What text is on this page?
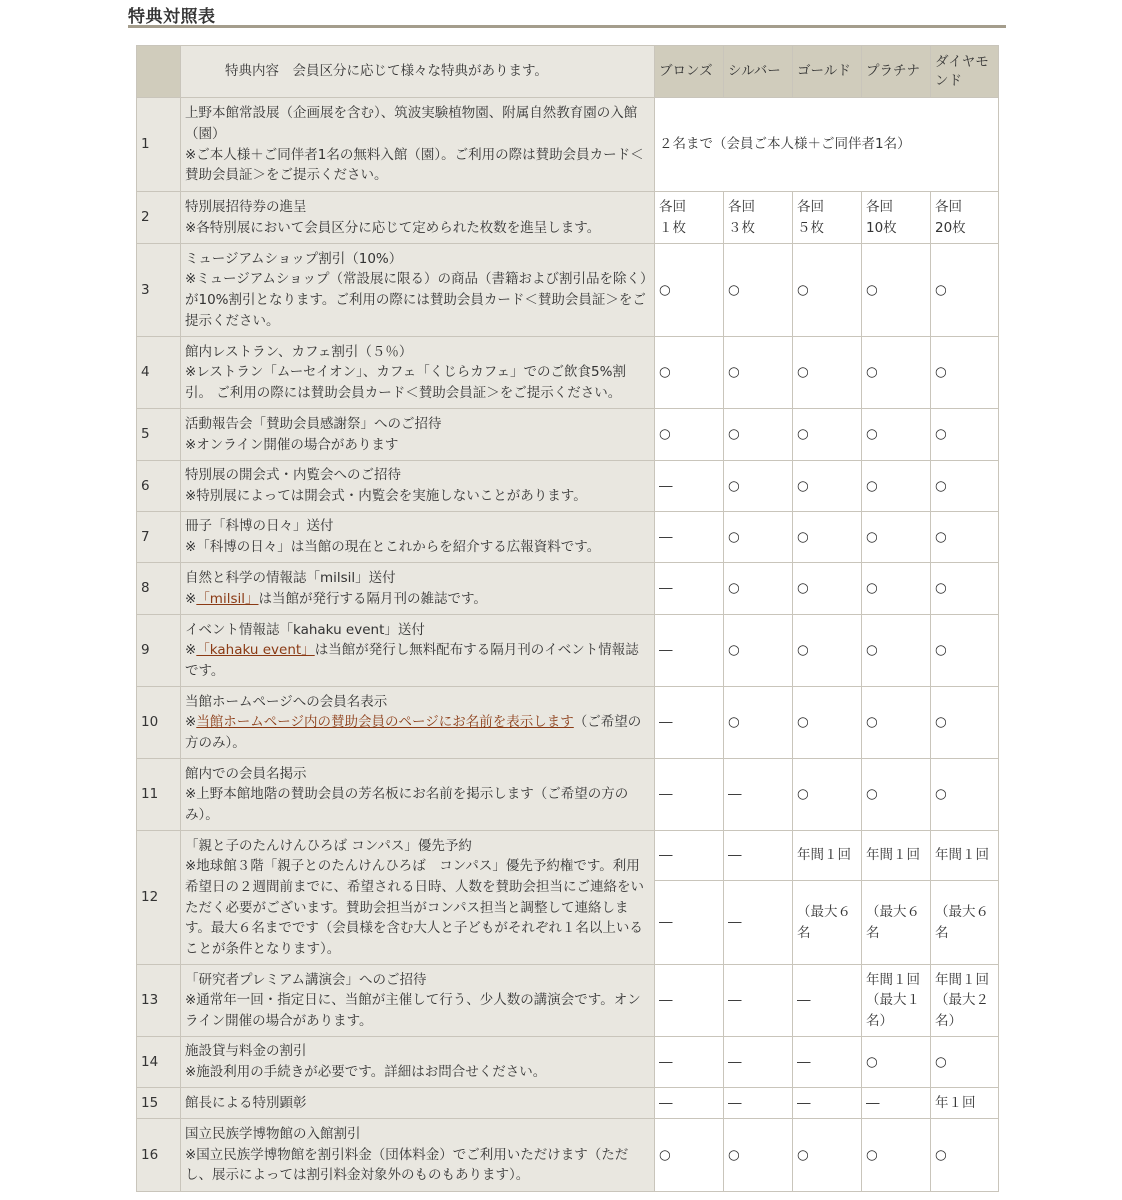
特典対照表
	特典内容　会員区分に応じて様々な特典があります。	ブロンズ	シルバー	ゴールド	プラチナ	ダイヤモ
ンド
1	上野本館常設展（企画展を含む）、筑波実験植物園、附属自然教育園の入館（園）
※ご本人様＋ご同伴者1名の無料入館（園）。ご利用の際は賛助会員カード＜賛助会員証＞をご提示ください。	２名まで（会員ご本人様＋ご同伴者1名）				
2	特別展招待券の進呈
※各特別展において会員区分に応じて定められた枚数を進呈します。	各回
１枚	各回
３枚	各回
５枚	各回
10枚	各回
20枚
3	ミュージアムショップ割引（10%）
※ミュージアムショップ（常設展に限る）の商品（書籍および割引品を除く）が10%割引となります。ご利用の際には賛助会員カード＜賛助会員証＞をご提示ください。	○	○	○	○	○
4	館内レストラン、カフェ割引（５％）
※レストラン「ムーセイオン」、カフェ「くじらカフェ」でのご飲食5%割引。 ご利用の際には賛助会員カード＜賛助会員証＞をご提示ください。	○	○	○	○	○
5	活動報告会「賛助会員感謝祭」へのご招待
※オンライン開催の場合があります	○	○	○	○	○
6	特別展の開会式・内覧会へのご招待
※特別展によっては開会式・内覧会を実施しないことがあります。	―	○	○	○	○
7	冊子「科博の日々」送付
※「科博の日々」は当館の現在とこれからを紹介する広報資料です。	―	○	○	○	○
8	自然と科学の情報誌「milsil」送付
※「milsil」は当館が発行する隔月刊の雑誌です。	―	○	○	○	○
9	イベント情報誌「kahaku event」送付
※「kahaku event」は当館が発行し無料配布する隔月刊のイベント情報誌です。	―	○	○	○	○
10	当館ホームページへの会員名表示
※当館ホームページ内の賛助会員のページにお名前を表示します（ご希望の方のみ）。	―	○	○	○	○
11	館内での会員名掲示
※上野本館地階の賛助会員の芳名板にお名前を掲示します（ご希望の方のみ）。	―	―	○	○	○
12	「親と子のたんけんひろば コンパス」優先予約
※地球館３階「親子とのたんけんひろば　コンパス」優先予約権です。利用希望日の２週間前までに、希望される日時、人数を賛助会担当にご連絡をいただく必要がございます。賛助会担当がコンパス担当と調整して連絡します。最大６名までです（会員様を含む大人と子どもがそれぞれ１名以上いることが条件となります）。	―	―	年間１回	年間１回	年間１回
		―	―	（最大６
名	（最大６
名	（最大６
名
13	「研究者プレミアム講演会」へのご招待
※通常年一回・指定日に、当館が主催して行う、少人数の講演会です。オンライン開催の場合があります。	―	―	―	年間１回
（最大１
名）	年間１回
（最大２
名）
14	施設貸与料金の割引
※施設利用の手続きが必要です。詳細はお問合せください。	―	―	―	○	○
15	館長による特別顕彰	―	―	―	―	年１回
16	国立民族学博物館の入館割引
※国立民族学博物館を割引料金（団体料金）でご利用いただけます（ただし、展示によっては割引料金対象外のものもあります）。	○	○	○	○	○
